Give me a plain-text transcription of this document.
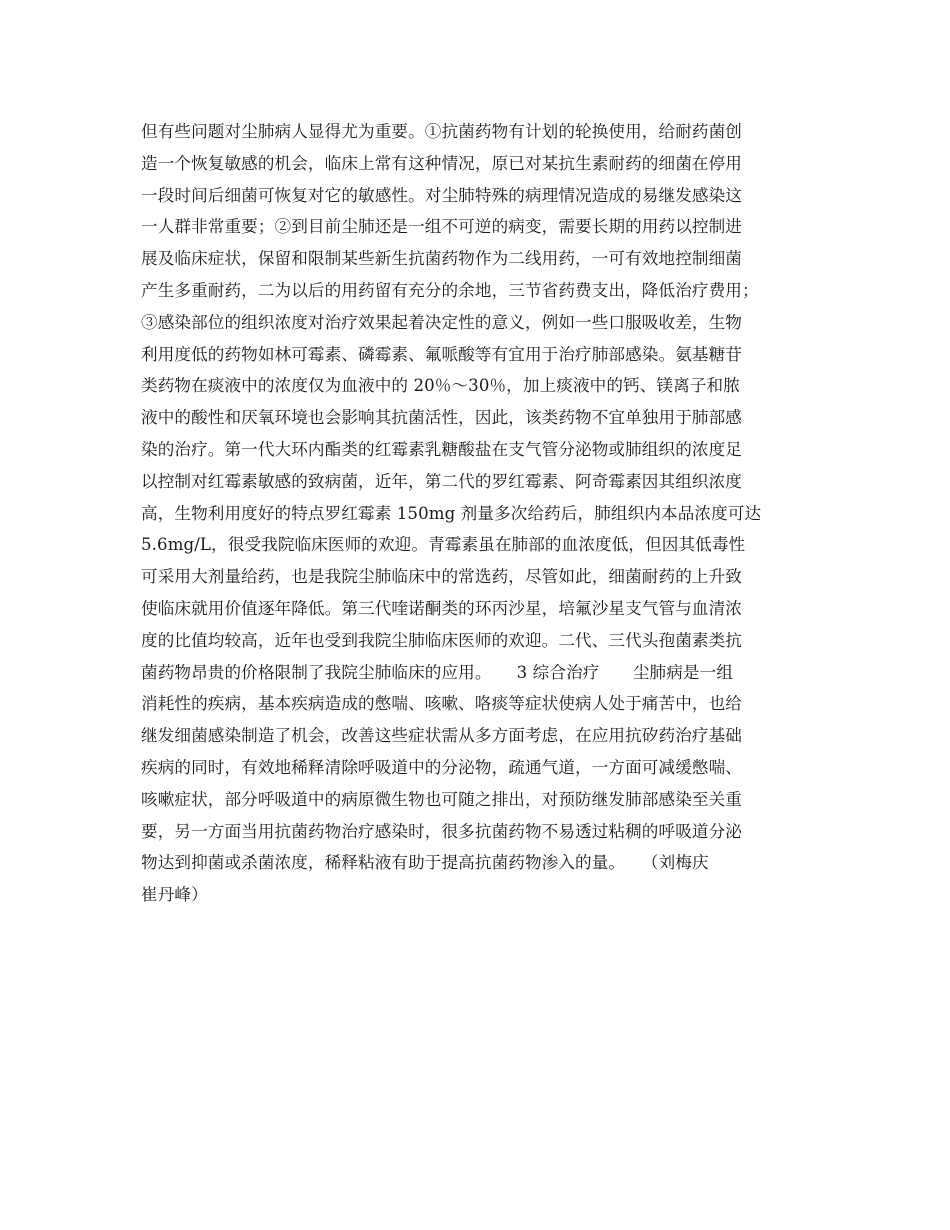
但有些问题对尘肺病人显得尤为重要。①抗菌药物有计划的轮换使用，给耐药菌创
造一个恢复敏感的机会，临床上常有这种情况，原已对某抗生素耐药的细菌在停用
一段时间后细菌可恢复对它的敏感性。对尘肺特殊的病理情况造成的易继发感染这
一人群非常重要；②到目前尘肺还是一组不可逆的病变，需要长期的用药以控制进
展及临床症状，保留和限制某些新生抗菌药物作为二线用药，一可有效地控制细菌
产生多重耐药，二为以后的用药留有充分的余地，三节省药费支出，降低治疗费用；
③感染部位的组织浓度对治疗效果起着决定性的意义，例如一些口服吸收差，生物
利用度低的药物如林可霉素、磷霉素、氟哌酸等有宜用于治疗肺部感染。氨基糖苷
类药物在痰液中的浓度仅为血液中的 20％～30％，加上痰液中的钙、镁离子和脓
液中的酸性和厌氧环境也会影响其抗菌活性，因此，该类药物不宜单独用于肺部感
染的治疗。第一代大环内酯类的红霉素乳糖酸盐在支气管分泌物或肺组织的浓度足
以控制对红霉素敏感的致病菌，近年，第二代的罗红霉素、阿奇霉素因其组织浓度
高，生物利用度好的特点罗红霉素 150mg 剂量多次给药后，肺组织内本品浓度可达
5.6mg/L，很受我院临床医师的欢迎。青霉素虽在肺部的血浓度低，但因其低毒性
可采用大剂量给药，也是我院尘肺临床中的常选药，尽管如此，细菌耐药的上升致
使临床就用价值逐年降低。第三代喹诺酮类的环丙沙星，培氟沙星支气管与血清浓
度的比值均较高，近年也受到我院尘肺临床医师的欢迎。二代、三代头孢菌素类抗
菌药物昂贵的价格限制了我院尘肺临床的应用。　　3 综合治疗　　尘肺病是一组
消耗性的疾病，基本疾病造成的憋喘、咳嗽、咯痰等症状使病人处于痛苦中，也给
继发细菌感染制造了机会，改善这些症状需从多方面考虑，在应用抗矽药治疗基础
疾病的同时，有效地稀释清除呼吸道中的分泌物，疏通气道，一方面可减缓憋喘、
咳嗽症状，部分呼吸道中的病原微生物也可随之排出，对预防继发肺部感染至关重
要，另一方面当用抗菌药物治疗感染时，很多抗菌药物不易透过粘稠的呼吸道分泌
物达到抑菌或杀菌浓度，稀释粘液有助于提高抗菌药物渗入的量。　　（刘梅庆
崔丹峰）
